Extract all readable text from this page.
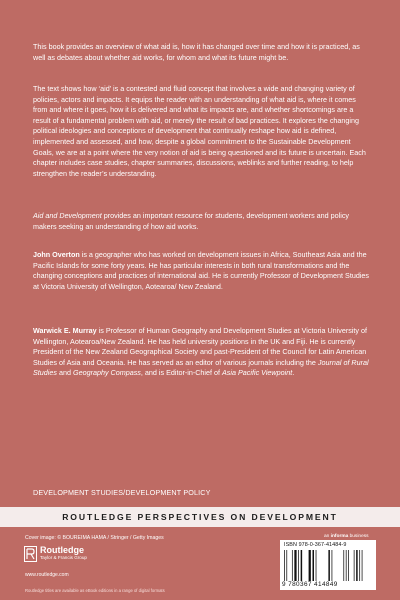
This book provides an overview of what aid is, how it has changed over time and how it is practiced, as well as debates about whether aid works, for whom and what its future might be.
The text shows how ‘aid’ is a contested and fluid concept that involves a wide and changing variety of policies, actors and impacts. It equips the reader with an understanding of what aid is, where it comes from and where it goes, how it is delivered and what its impacts are, and whether shortcomings are a result of a fundamental problem with aid, or merely the result of bad practices. It explores the changing political ideologies and conceptions of development that continually reshape how aid is defined, implemented and assessed, and how, despite a global commitment to the Sustainable Development Goals, we are at a point where the very notion of aid is being questioned and its future is uncertain. Each chapter includes case studies, chapter summaries, discussions, weblinks and further reading, to help strengthen the reader’s understanding.
Aid and Development provides an important resource for students, development workers and policy makers seeking an understanding of how aid works.
John Overton is a geographer who has worked on development issues in Africa, Southeast Asia and the Pacific Islands for some forty years. He has particular interests in both rural transformations and the changing conceptions and practices of international aid. He is currently Professor of Development Studies at Victoria University of Wellington, Aotearoa/ New Zealand.
Warwick E. Murray is Professor of Human Geography and Development Studies at Victoria University of Wellington, Aotearoa/New Zealand. He has held university positions in the UK and Fiji. He is currently President of the New Zealand Geographical Society and past-President of the Council for Latin American Studies of Asia and Oceania. He has served as an editor of various journals including the Journal of Rural Studies and Geography Compass, and is Editor-in-Chief of Asia Pacific Viewpoint.
DEVELOPMENT STUDIES/DEVELOPMENT POLICY
ROUTLEDGE PERSPECTIVES ON DEVELOPMENT
Cover image: © BOUREIMA HAMA / Stringer / Getty Images	an informa business
Routledge
Taylor & Francis Group
www.routledge.com
Routledge titles are available as eBook editions in a range of digital formats
ISBN 978-0-367-41484-9
9 780367 414849
